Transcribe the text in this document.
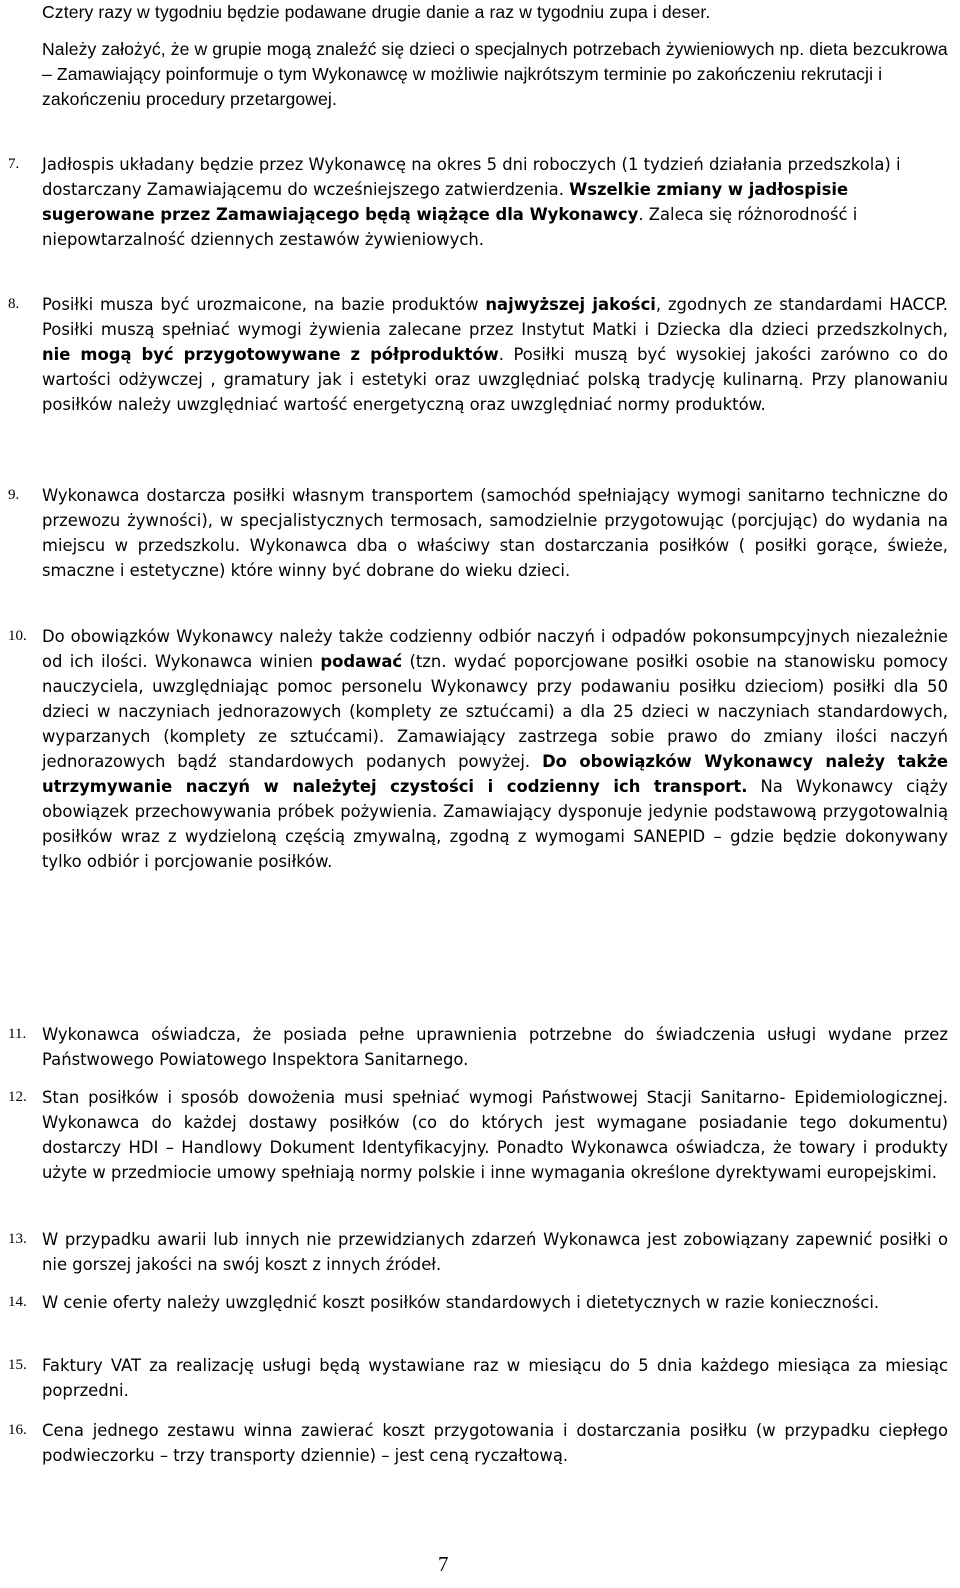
Cztery razy w tygodniu będzie podawane drugie danie a raz w tygodniu zupa i deser.

Należy założyć, że w grupie mogą znaleźć się dzieci o specjalnych potrzebach żywieniowych np. dieta bezcukrowa – Zamawiający poinformuje o tym Wykonawcę w możliwie najkrótszym terminie po zakończeniu rekrutacji i zakończeniu procedury przetargowej.

7. Jadłospis układany będzie przez Wykonawcę na okres 5 dni roboczych (1 tydzień działania przedszkola) i dostarczany Zamawiającemu do wcześniejszego zatwierdzenia. Wszelkie zmiany w jadłospisie sugerowane przez Zamawiającego będą wiążące dla Wykonawcy. Zaleca się różnorodność i niepowtarzalność dziennych zestawów żywieniowych.
8. Posiłki musza być urozmaicone, na bazie produktów najwyższej jakości, zgodnych ze standardami HACCP. Posiłki muszą spełniać wymogi żywienia zalecane przez Instytut Matki i Dziecka dla dzieci przedszkolnych, nie mogą być przygotowywane z półproduktów. Posiłki muszą być wysokiej jakości zarówno co do wartości odżywczej , gramatury jak i estetyki oraz uwzględniać polską tradycję kulinarną. Przy planowaniu posiłków należy uwzględniać wartość energetyczną oraz uwzględniać normy produktów.
9. Wykonawca dostarcza posiłki własnym transportem (samochód spełniający wymogi sanitarno techniczne do przewozu żywności), w specjalistycznych termosach, samodzielnie przygotowując (porcjując) do wydania na miejscu w przedszkolu. Wykonawca dba o właściwy stan dostarczania posiłków ( posiłki gorące, świeże, smaczne i estetyczne) które winny być dobrane do wieku dzieci.
10. Do obowiązków Wykonawcy należy także codzienny odbiór naczyń i odpadów pokonsumpcyjnych niezależnie od ich ilości. Wykonawca winien podawać (tzn. wydać poporcjowane posiłki osobie na stanowisku pomocy nauczyciela, uwzględniając pomoc personelu Wykonawcy przy podawaniu posiłku dzieciom) posiłki dla 50 dzieci w naczyniach jednorazowych (komplety ze sztućcami) a dla 25 dzieci w naczyniach standardowych, wyparzanych (komplety ze sztućcami). Zamawiający zastrzega sobie prawo do zmiany ilości naczyń jednorazowych bądź standardowych podanych powyżej. Do obowiązków Wykonawcy należy także utrzymywanie naczyń w należytej czystości i codzienny ich transport. Na Wykonawcy ciąży obowiązek przechowywania próbek pożywienia. Zamawiający dysponuje jedynie podstawową przygotowalnią posiłków wraz z wydzieloną częścią zmywalną, zgodną z wymogami SANEPID – gdzie będzie dokonywany tylko odbiór i porcjowanie posiłków.
11. Wykonawca oświadcza, że posiada pełne uprawnienia potrzebne do świadczenia usługi wydane przez Państwowego Powiatowego Inspektora Sanitarnego.
12. Stan posiłków i sposób dowożenia musi spełniać wymogi Państwowej Stacji Sanitarno- Epidemiologicznej. Wykonawca do każdej dostawy posiłków (co do których jest wymagane posiadanie tego dokumentu) dostarczy HDI – Handlowy Dokument Identyfikacyjny. Ponadto Wykonawca oświadcza, że towary i produkty użyte w przedmiocie umowy spełniają normy polskie i inne wymagania określone dyrektywami europejskimi.
13. W przypadku awarii lub innych nie przewidzianych zdarzeń Wykonawca jest zobowiązany zapewnić posiłki o nie gorszej jakości na swój koszt z innych źródeł.
14. W cenie oferty należy uwzględnić koszt posiłków standardowych i dietetycznych w razie konieczności.
15. Faktury VAT za realizację usługi będą wystawiane raz w miesiącu do 5 dnia każdego miesiąca za miesiąc poprzedni.
16. Cena jednego zestawu winna zawierać koszt przygotowania i dostarczania posiłku (w przypadku ciepłego podwieczorku – trzy transporty dziennie) – jest ceną ryczałtową.
7
